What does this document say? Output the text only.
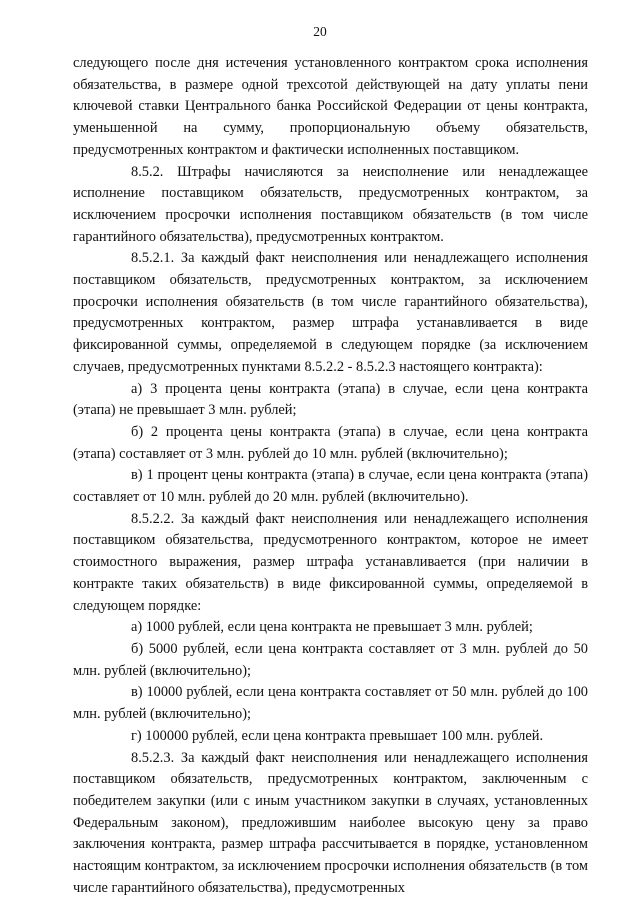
20

следующего после дня истечения установленного контрактом срока исполнения обязательства, в размере одной трехсотой действующей на дату уплаты пени ключевой ставки Центрального банка Российской Федерации от цены контракта, уменьшенной на сумму, пропорциональную объему обязательств, предусмотренных контрактом и фактически исполненных поставщиком.

8.5.2. Штрафы начисляются за неисполнение или ненадлежащее исполнение поставщиком обязательств, предусмотренных контрактом, за исключением просрочки исполнения поставщиком обязательств (в том числе гарантийного обязательства), предусмотренных контрактом.

8.5.2.1. За каждый факт неисполнения или ненадлежащего исполнения поставщиком обязательств, предусмотренных контрактом, за исключением просрочки исполнения обязательств (в том числе гарантийного обязательства), предусмотренных контрактом, размер штрафа устанавливается в виде фиксированной суммы, определяемой в следующем порядке (за исключением случаев, предусмотренных пунктами 8.5.2.2 - 8.5.2.3 настоящего контракта):

а) 3 процента цены контракта (этапа) в случае, если цена контракта (этапа) не превышает 3 млн. рублей;

б) 2 процента цены контракта (этапа) в случае, если цена контракта (этапа) составляет от 3 млн. рублей до 10 млн. рублей (включительно);

в) 1 процент цены контракта (этапа) в случае, если цена контракта (этапа) составляет от 10 млн. рублей до 20 млн. рублей (включительно).

8.5.2.2. За каждый факт неисполнения или ненадлежащего исполнения поставщиком обязательства, предусмотренного контрактом, которое не имеет стоимостного выражения, размер штрафа устанавливается (при наличии в контракте таких обязательств) в виде фиксированной суммы, определяемой в следующем порядке:

а) 1000 рублей, если цена контракта не превышает 3 млн. рублей;

б) 5000 рублей, если цена контракта составляет от 3 млн. рублей до 50 млн. рублей (включительно);

в) 10000 рублей, если цена контракта составляет от 50 млн. рублей до 100 млн. рублей (включительно);

г) 100000 рублей, если цена контракта превышает 100 млн. рублей.

8.5.2.3. За каждый факт неисполнения или ненадлежащего исполнения поставщиком обязательств, предусмотренных контрактом, заключенным с победителем закупки (или с иным участником закупки в случаях, установленных Федеральным законом), предложившим наиболее высокую цену за право заключения контракта, размер штрафа рассчитывается в порядке, установленном настоящим контрактом, за исключением просрочки исполнения обязательств (в том числе гарантийного обязательства), предусмотренных
